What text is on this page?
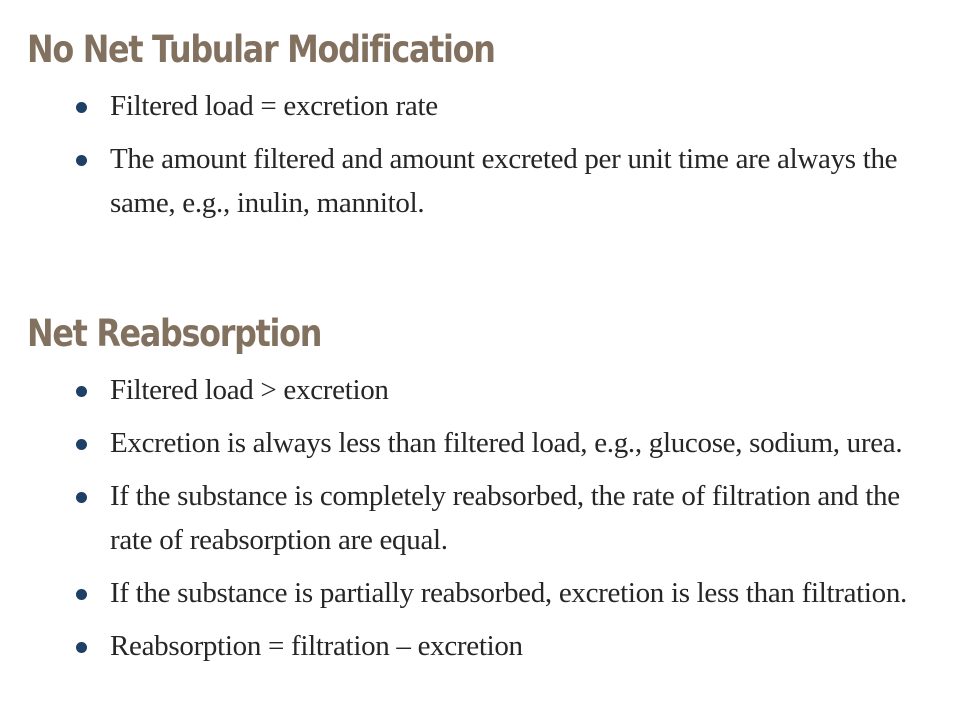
No Net Tubular Modification
Filtered load = excretion rate
The amount filtered and amount excreted per unit time are always the same, e.g., inulin, mannitol.
Net Reabsorption
Filtered load > excretion
Excretion is always less than filtered load, e.g., glucose, sodium, urea.
If the substance is completely reabsorbed, the rate of filtration and the rate of reabsorption are equal.
If the substance is partially reabsorbed, excretion is less than filtration.
Reabsorption = filtration – excretion
